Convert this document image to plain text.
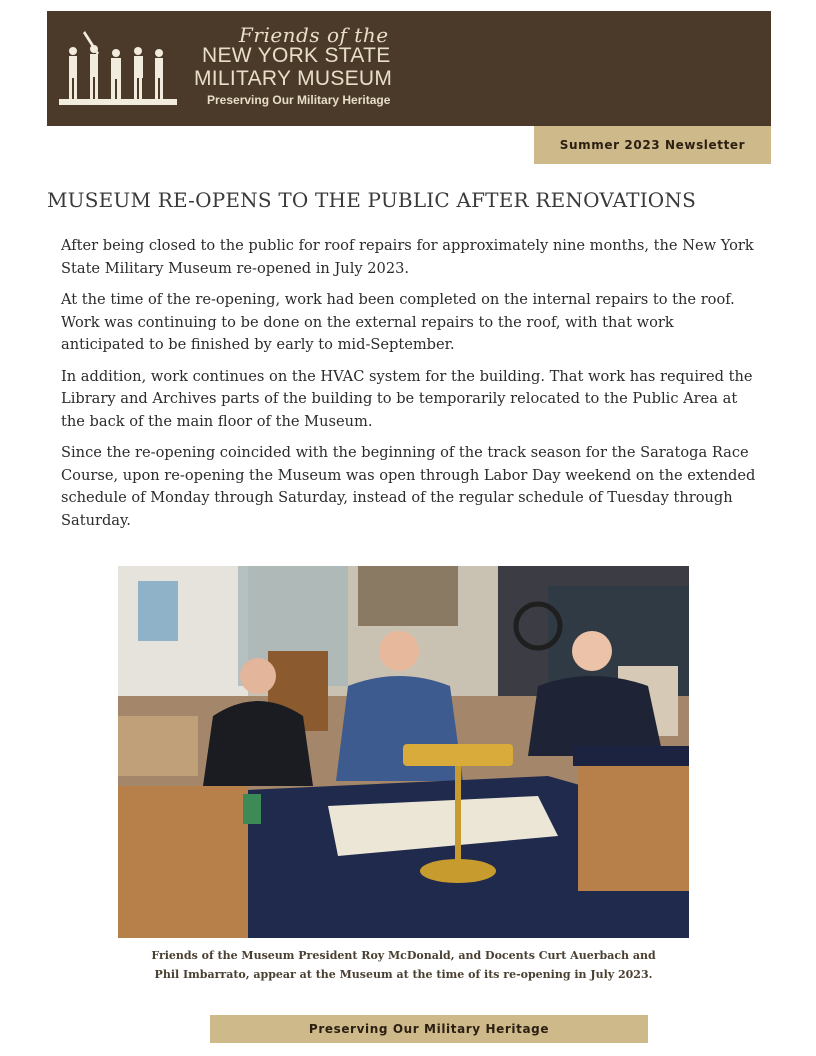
Friends of the
NEW YORK STATE
MILITARY MUSEUM
Preserving Our Military Heritage
Summer 2023 Newsletter
MUSEUM RE-OPENS TO THE PUBLIC AFTER RENOVATIONS

After being closed to the public for roof repairs for approximately nine months, the New York State Military Museum re-opened in July 2023.

At the time of the re-opening, work had been completed on the internal repairs to the roof. Work was continuing to be done on the external repairs to the roof, with that work anticipated to be finished by early to mid-September.

In addition, work continues on the HVAC system for the building. That work has required the Library and Archives parts of the building to be temporarily relocated to the Public Area at the back of the main floor of the Museum.

Since the re-opening coincided with the beginning of the track season for the Saratoga Race Course, upon re-opening the Museum was open through Labor Day weekend on the extended schedule of Monday through Saturday, instead of the regular schedule of Tuesday through Saturday.

Friends of the Museum President Roy McDonald, and Docents Curt Auerbach and
Phil Imbarrato, appear at the Museum at the time of its re-opening in July 2023.
Preserving Our Military Heritage
